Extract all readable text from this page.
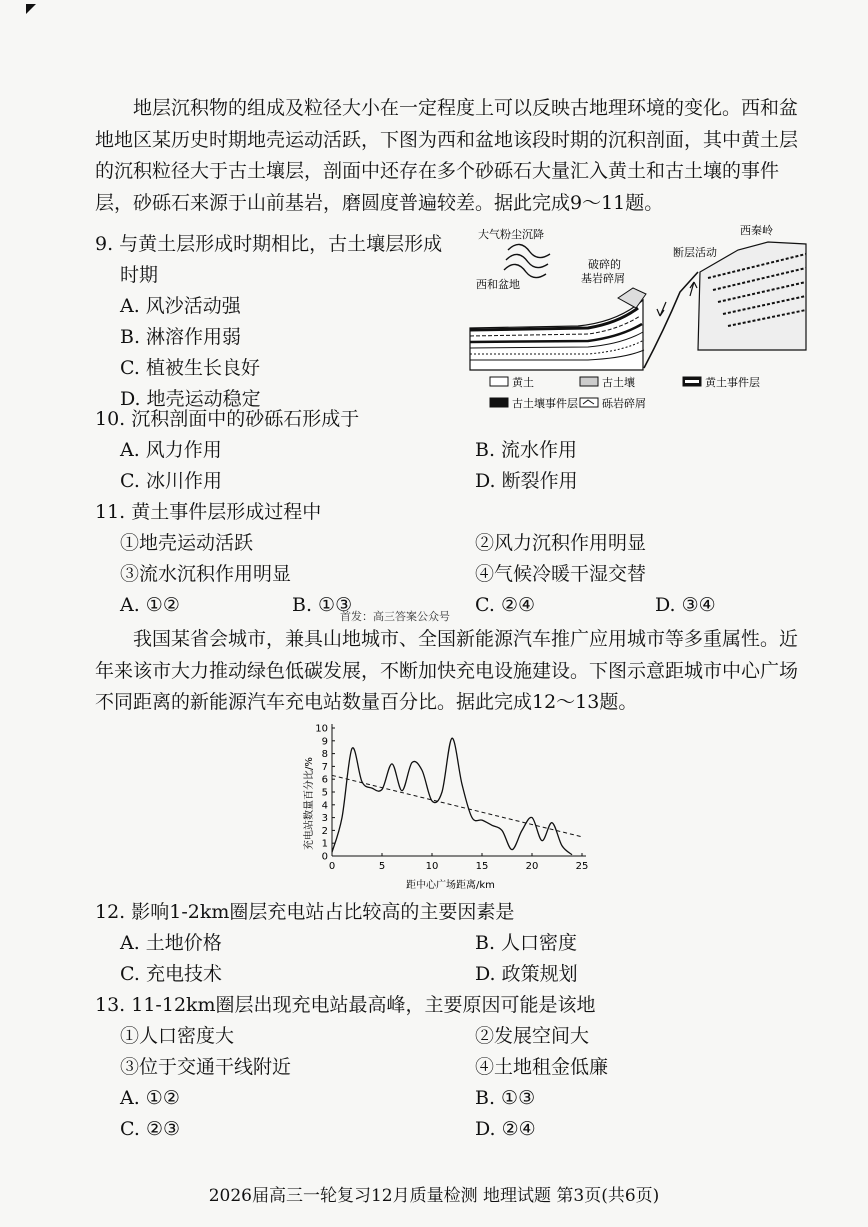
地层沉积物的组成及粒径大小在一定程度上可以反映古地理环境的变化。西和盆地地区某历史时期地壳运动活跃，下图为西和盆地该段时期的沉积剖面，其中黄土层的沉积粒径大于古土壤层，剖面中还存在多个砂砾石大量汇入黄土和古土壤的事件层，砂砾石来源于山前基岩，磨圆度普遍较差。据此完成9～11题。

9. 与黄土层形成时期相比，古土壤层形成
时期
A. 风沙活动强
B. 淋溶作用弱
C. 植被生长良好
D. 地壳运动稳定
大气粉尘沉降
西和盆地
破碎的
基岩碎屑
断层活动
西秦岭
黄土	古土壤	黄土事件层
古土壤事件层 砾岩碎屑
10. 沉积剖面中的砂砾石形成于
A. 风力作用	B. 流水作用
C. 冰川作用	D. 断裂作用
11. 黄土事件层形成过程中
①地壳运动活跃	②风力沉积作用明显
③流水沉积作用明显	④气候冷暖干湿交替
A. ①②	B. ①③	C. ②④	D. ③④
首发：高三答案公众号

我国某省会城市，兼具山地城市、全国新能源汽车推广应用城市等多重属性。近年来该市大力推动绿色低碳发展，不断加快充电设施建设。下图示意距城市中心广场不同距离的新能源汽车充电站数量百分比。据此完成12～13题。

充电站数量百分比/%
距中心广场距离/km
0
1
2
3
4
5
6
7
8
9
10
0	5	10	15	20	25
12. 影响1-2km圈层充电站占比较高的主要因素是
A. 土地价格	B. 人口密度
C. 充电技术	D. 政策规划
13. 11-12km圈层出现充电站最高峰，主要原因可能是该地
①人口密度大	②发展空间大
③位于交通干线附近	④土地租金低廉
A. ①②	B. ①③
C. ②③	D. ②④
2026届高三一轮复习12月质量检测 地理试题 第3页(共6页)
